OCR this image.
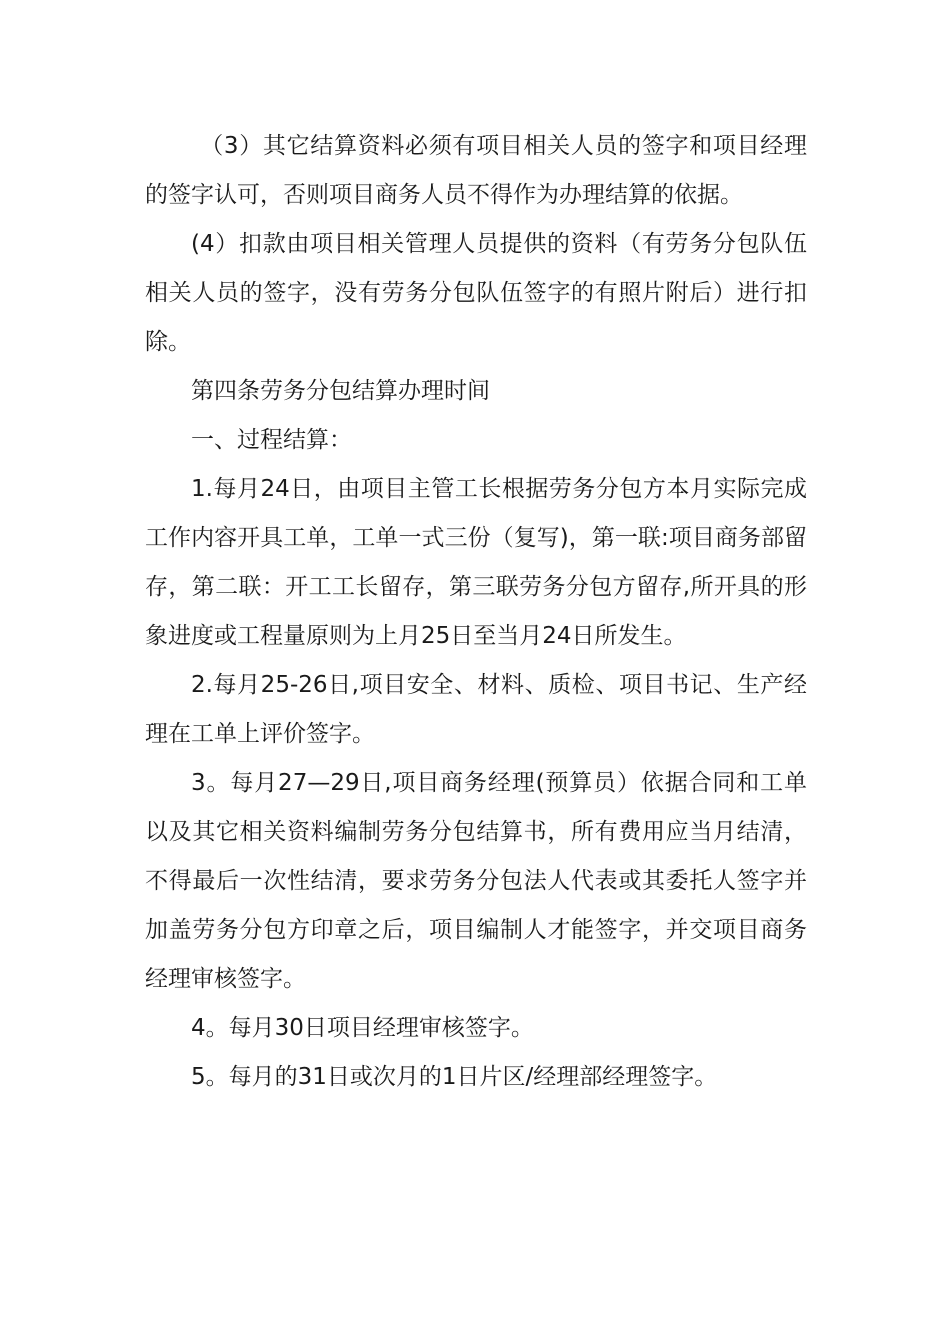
（3）其它结算资料必须有项目相关人员的签字和项目经理的签字认可，否则项目商务人员不得作为办理结算的依据。

(4）扣款由项目相关管理人员提供的资料（有劳务分包队伍相关人员的签字，没有劳务分包队伍签字的有照片附后）进行扣除。

第四条劳务分包结算办理时间

一、过程结算：

1.每月24日，由项目主管工长根据劳务分包方本月实际完成工作内容开具工单，工单一式三份（复写)，第一联:项目商务部留存，第二联：开工工长留存，第三联劳务分包方留存,所开具的形象进度或工程量原则为上月25日至当月24日所发生。

2.每月25-26日,项目安全、材料、质检、项目书记、生产经理在工单上评价签字。

3。每月27—29日,项目商务经理(预算员）依据合同和工单以及其它相关资料编制劳务分包结算书，所有费用应当月结清，不得最后一次性结清，要求劳务分包法人代表或其委托人签字并加盖劳务分包方印章之后，项目编制人才能签字，并交项目商务经理审核签字。

4。每月30日项目经理审核签字。

5。每月的31日或次月的1日片区/经理部经理签字。
